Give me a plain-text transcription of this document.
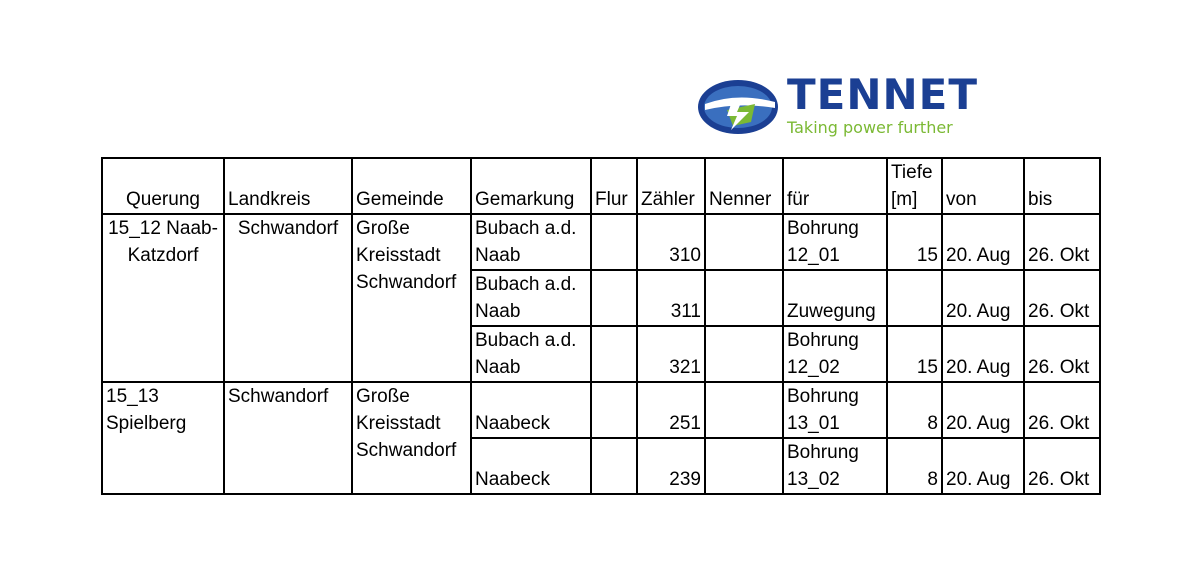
TENNET
Taking power further
Querung	Landkreis	Gemeinde	Gemarkung	Flur	Zähler	Nenner	für	Tiefe [m]	von	bis
15_12 Naab-Katzdorf	Schwandorf	Große Kreisstadt Schwandorf	Bubach a.d. Naab		310		Bohrung 12_01	15	20. Aug	26. Okt
			Bubach a.d. Naab		311		Zuwegung		20. Aug	26. Okt
			Bubach a.d. Naab		321		Bohrung 12_02	15	20. Aug	26. Okt
15_13 Spielberg	Schwandorf	Große Kreisstadt Schwandorf	Naabeck		251		Bohrung 13_01	8	20. Aug	26. Okt
			Naabeck		239		Bohrung 13_02	8	20. Aug	26. Okt
